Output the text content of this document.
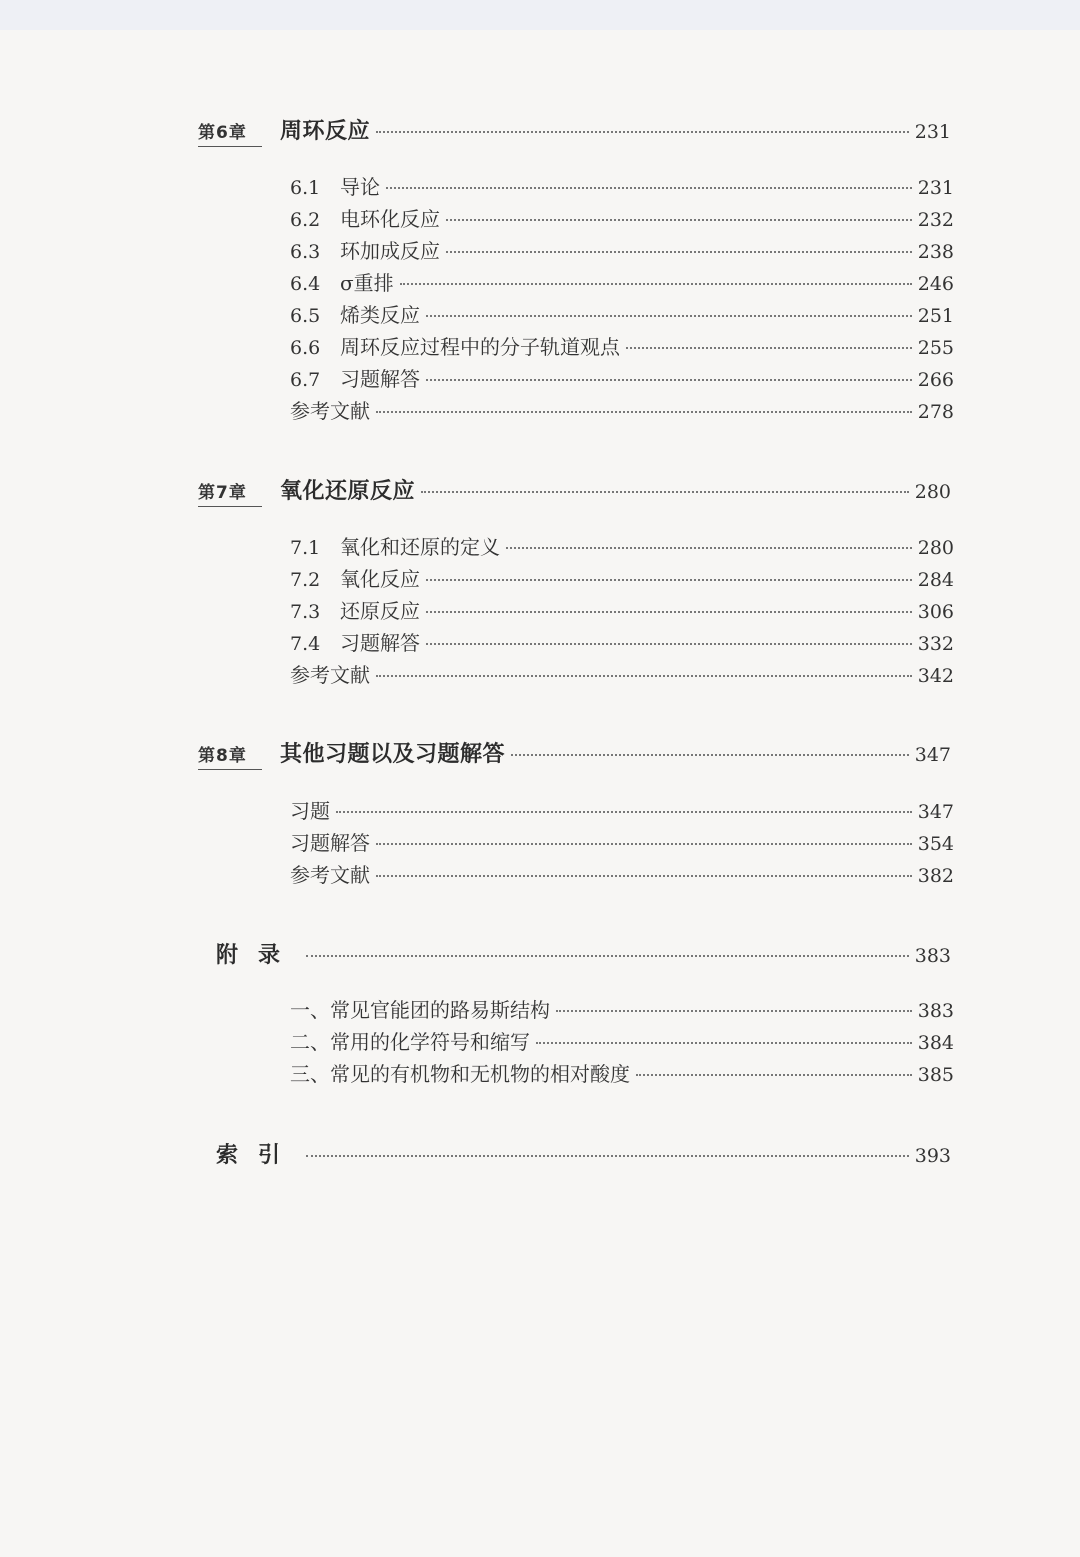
第6章	周环反应	231
6.1 导论	231
6.2 电环化反应	232
6.3 环加成反应	238
6.4 σ重排	246
6.5 烯类反应	251
6.6 周环反应过程中的分子轨道观点	255
6.7 习题解答	266
参考文献	278
第7章	氧化还原反应	280
7.1 氧化和还原的定义	280
7.2 氧化反应	284
7.3 还原反应	306
7.4 习题解答	332
参考文献	342
第8章	其他习题以及习题解答	347
习题	347
习题解答	354
参考文献	382
附录	383
一、常见官能团的路易斯结构	383
二、常用的化学符号和缩写	384
三、常见的有机物和无机物的相对酸度	385
索引	393
